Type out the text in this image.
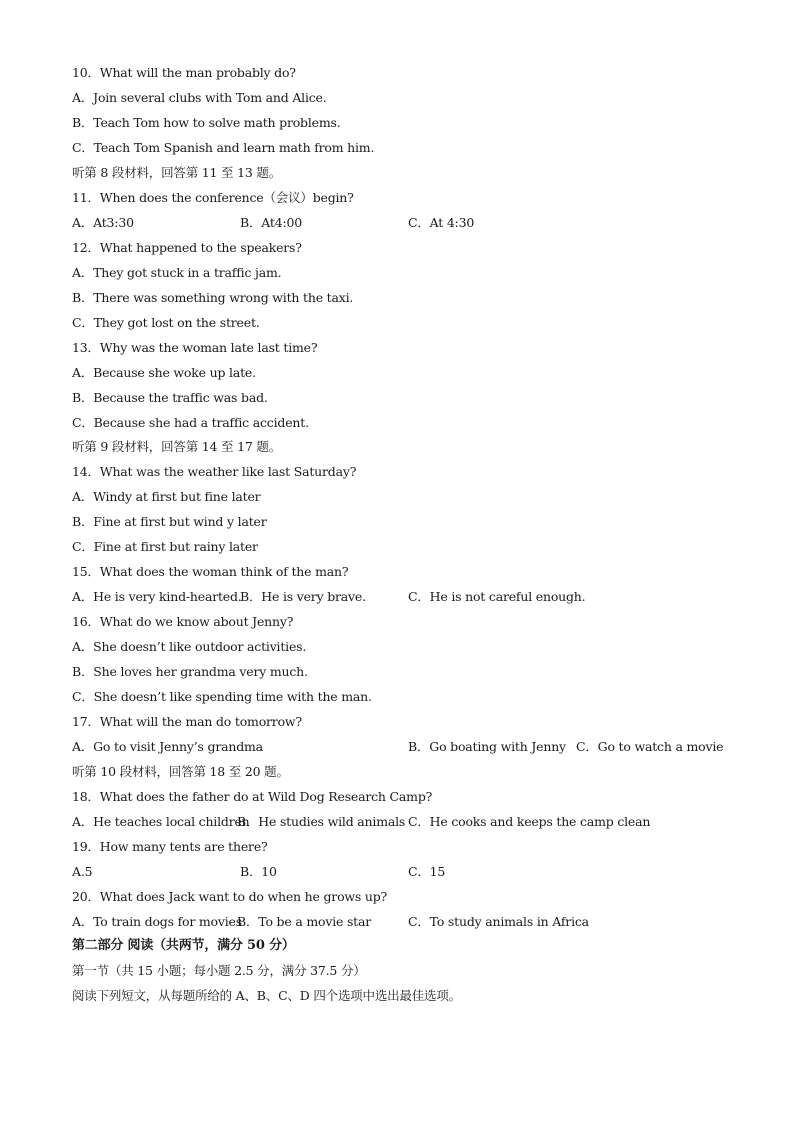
10．What will the man probably do?
A．Join several clubs with Tom and Alice.
B．Teach Tom how to solve math problems.
C．Teach Tom Spanish and learn math from him.
听第 8 段材料，回答第 11 至 13 题。
11．When does the conference（会议）begin?
A．At3:30	B．At4:00	C．At 4:30
12．What happened to the speakers?
A．They got stuck in a traffic jam.
B．There was something wrong with the taxi.
C．They got lost on the street.
13．Why was the woman late last time?
A．Because she woke up late.
B．Because the traffic was bad.
C．Because she had a traffic accident.
听第 9 段材料，回答第 14 至 17 题。
14．What was the weather like last Saturday?
A．Windy at first but fine later
B．Fine at first but wind y later
C．Fine at first but rainy later
15．What does the woman think of the man?
A．He is very kind-hearted.
B．He is very brave.	C．He is not careful enough.
16．What do we know about Jenny?
A．She doesn’t like outdoor activities.
B．She loves her grandma very much.
C．She doesn’t like spending time with the man.
17．What will the man do tomorrow?
A．Go to visit Jenny’s grandma	B．Go boating with Jenny C．Go to watch a movie
听第 10 段材料，回答第 18 至 20 题。
18．What does the father do at Wild Dog Research Camp?
A．He teaches local children
B．He studies wild animals C．He cooks and keeps the camp clean
19．How many tents are there?
A.5	B．10	C．15
20．What does Jack want to do when he grows up?
A．To train dogs for movies
B．To be a movie star	C．To study animals in Africa
第二部分 阅读（共两节，满分 50 分）
第一节（共 15 小题；每小题 2.5 分，满分 37.5 分）
阅读下列短文，从每题所给的 A、B、C、D 四个选项中选出最佳选项。
